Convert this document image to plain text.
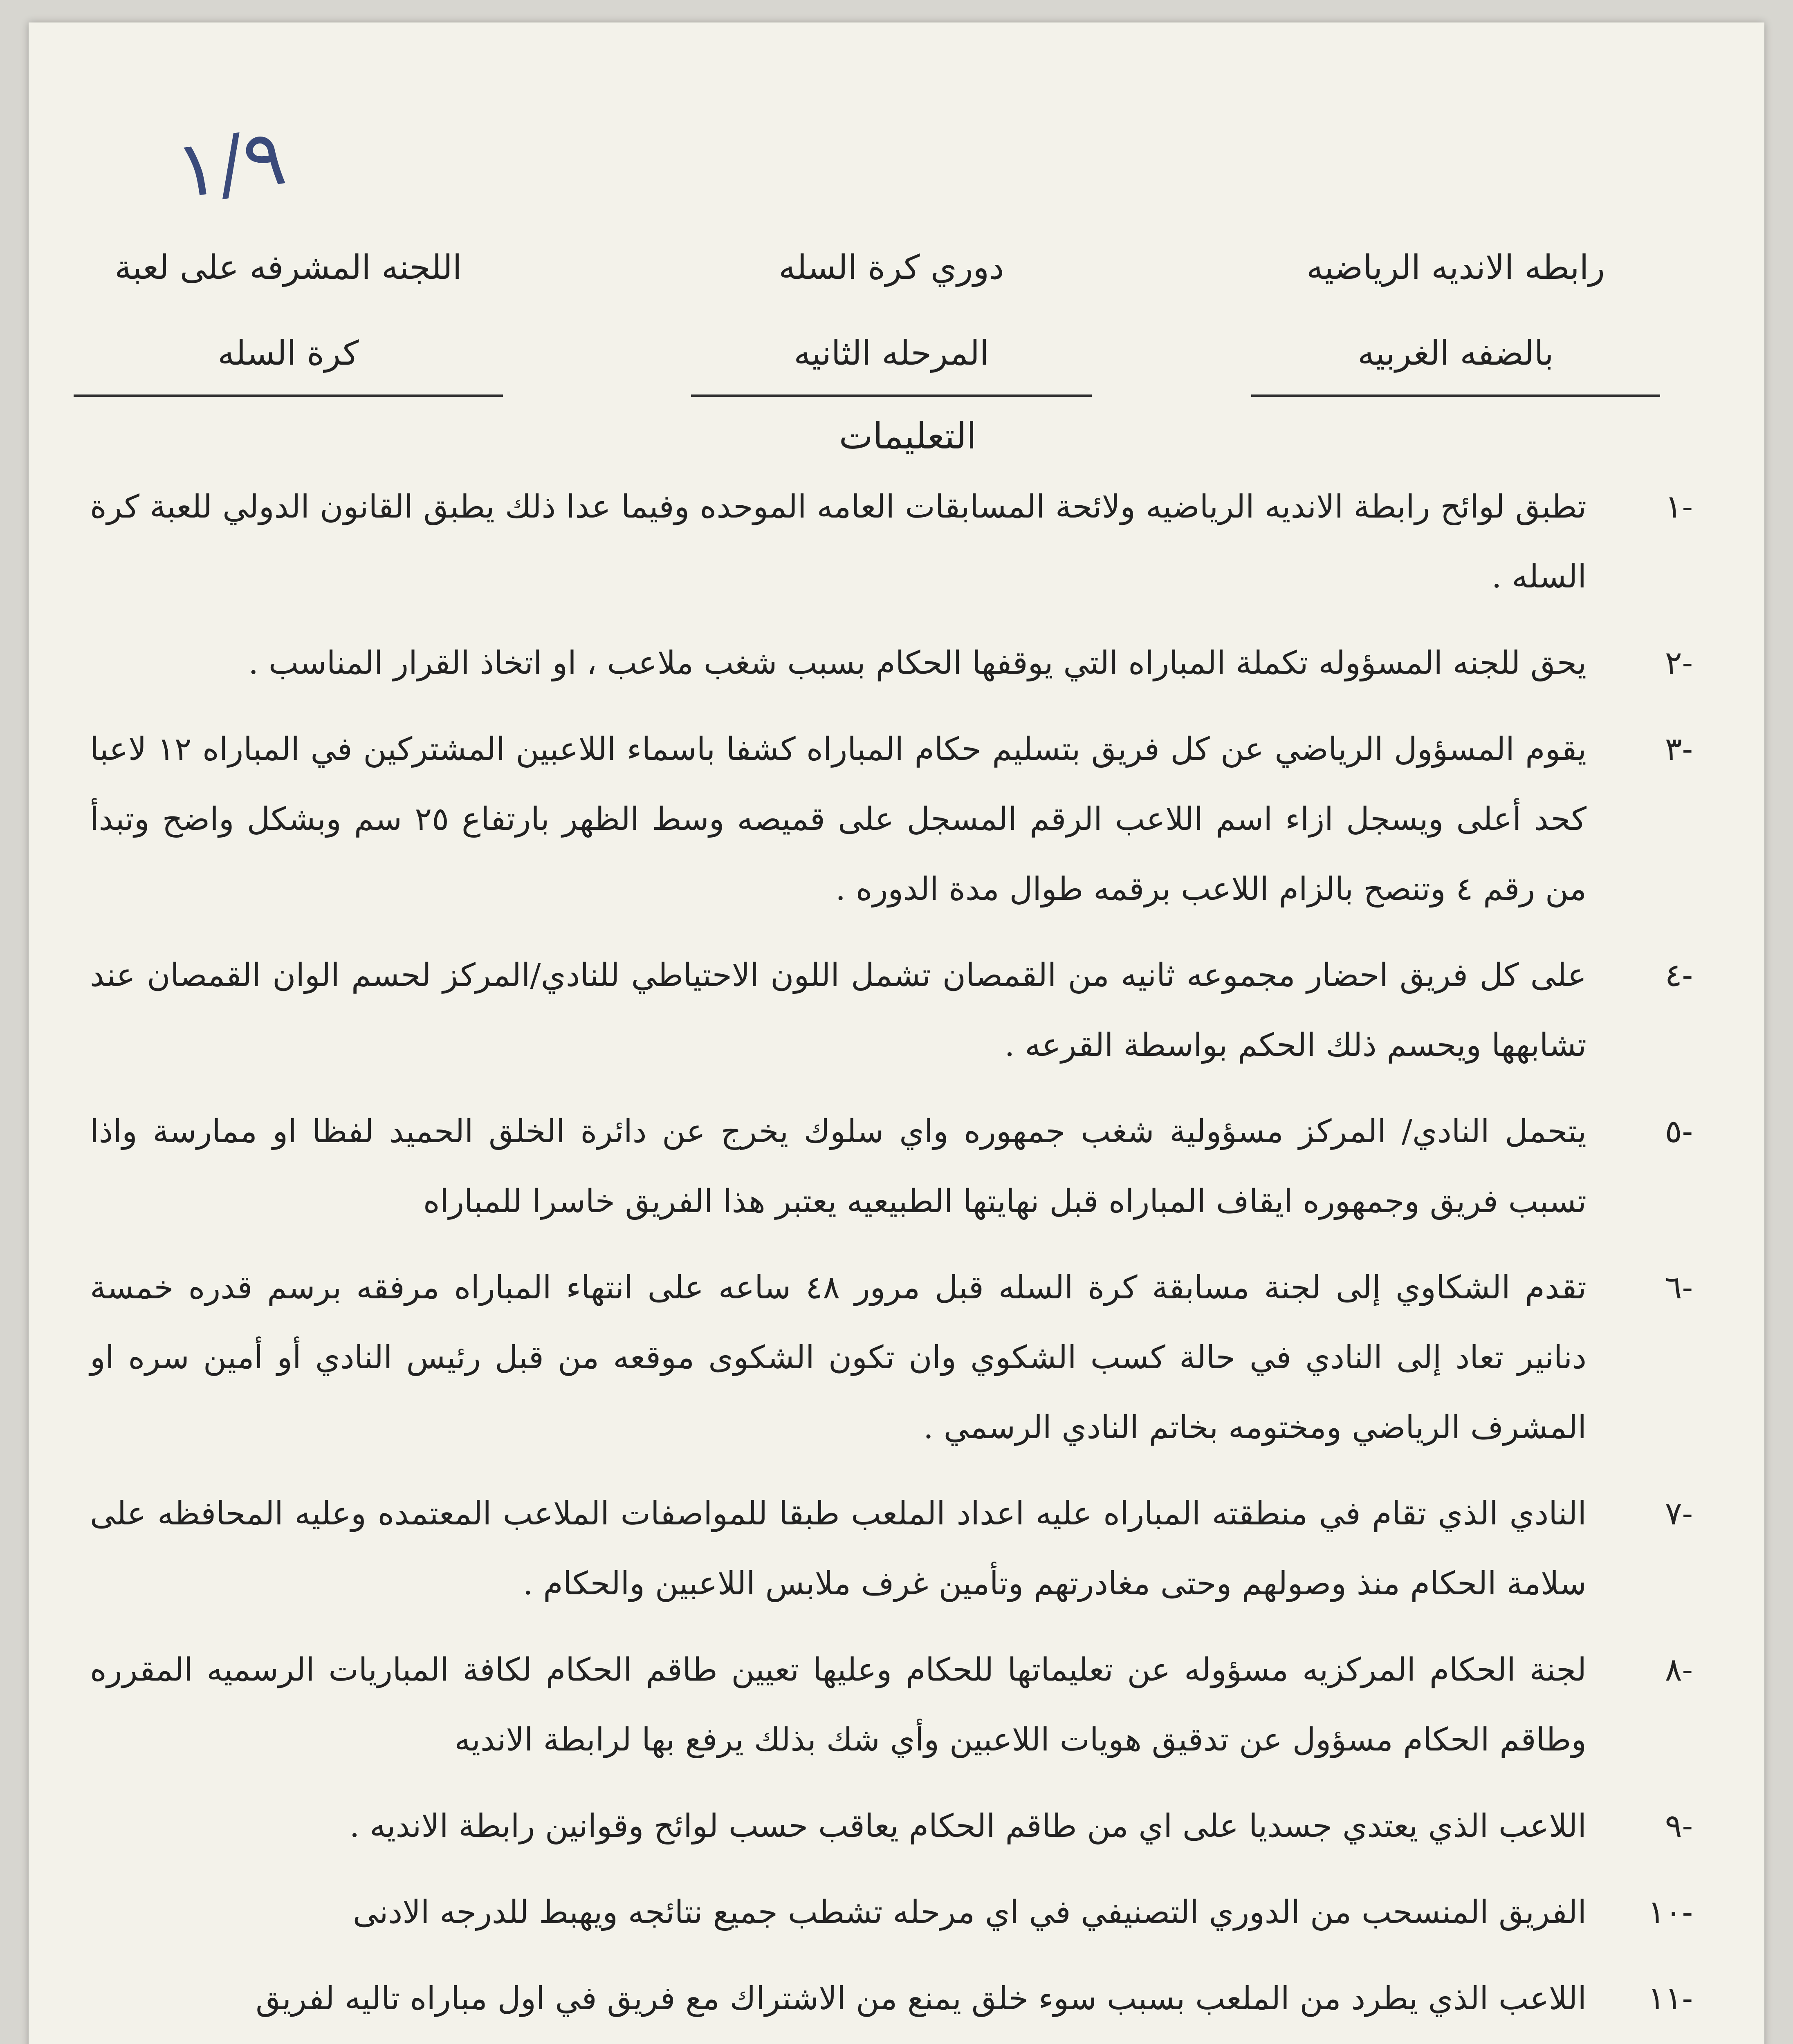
١/٩
رابطه الانديه الرياضيه
بالضفه الغربيه
دوري كرة السله
المرحله الثانيه
اللجنه المشرفه على لعبة
كرة السله
التعليمات
-١
تطبق لوائح رابطة الانديه الرياضيه ولائحة المسابقات العامه الموحده وفيما عدا ذلك يطبق القانون الدولي للعبة كرة السله .
-٢
يحق للجنه المسؤوله تكملة المباراه التي يوقفها الحكام بسبب شغب ملاعب ، او اتخاذ القرار المناسب .
-٣
يقوم المسؤول الرياضي عن كل فريق بتسليم حكام المباراه كشفا باسماء اللاعبين المشتركين في المباراه ١٢ لاعبا كحد أعلى ويسجل ازاء اسم اللاعب الرقم المسجل على قميصه وسط الظهر بارتفاع ٢٥ سم وبشكل واضح وتبدأ من رقم ٤ وتنصح بالزام اللاعب برقمه طوال مدة الدوره .
-٤
على كل فريق احضار مجموعه ثانيه من القمصان تشمل اللون الاحتياطي للنادي/المركز لحسم الوان القمصان عند تشابهها ويحسم ذلك الحكم بواسطة القرعه .
-٥
يتحمل النادي/ المركز مسؤولية شغب جمهوره واي سلوك يخرج عن دائرة الخلق الحميد لفظا او ممارسة واذا تسبب فريق وجمهوره ايقاف المباراه قبل نهايتها الطبيعيه يعتبر هذا الفريق خاسرا للمباراه
-٦
تقدم الشكاوي إلى لجنة مسابقة كرة السله قبل مرور ٤٨ ساعه على انتهاء المباراه مرفقه برسم قدره خمسة دنانير تعاد إلى النادي في حالة كسب الشكوي وان تكون الشكوى موقعه من قبل رئيس النادي أو أمين سره او المشرف الرياضي ومختومه بخاتم النادي الرسمي .
-٧
النادي الذي تقام في منطقته المباراه عليه اعداد الملعب طبقا للمواصفات الملاعب المعتمده وعليه المحافظه على سلامة الحكام منذ وصولهم وحتى مغادرتهم وتأمين غرف ملابس اللاعبين والحكام .
-٨
لجنة الحكام المركزيه مسؤوله عن تعليماتها للحكام وعليها تعيين طاقم الحكام لكافة المباريات الرسميه المقرره وطاقم الحكام مسؤول عن تدقيق هويات اللاعبين وأي شك بذلك يرفع بها لرابطة الانديه
-٩
اللاعب الذي يعتدي جسديا على اي من طاقم الحكام يعاقب حسب لوائح وقوانين رابطة الانديه .
-١٠
الفريق المنسحب من الدوري التصنيفي في اي مرحله تشطب جميع نتائجه ويهبط للدرجه الادنى
-١١
اللاعب الذي يطرد من الملعب بسبب سوء خلق يمنع من الاشتراك مع فريق في اول مباراه تاليه لفريق
